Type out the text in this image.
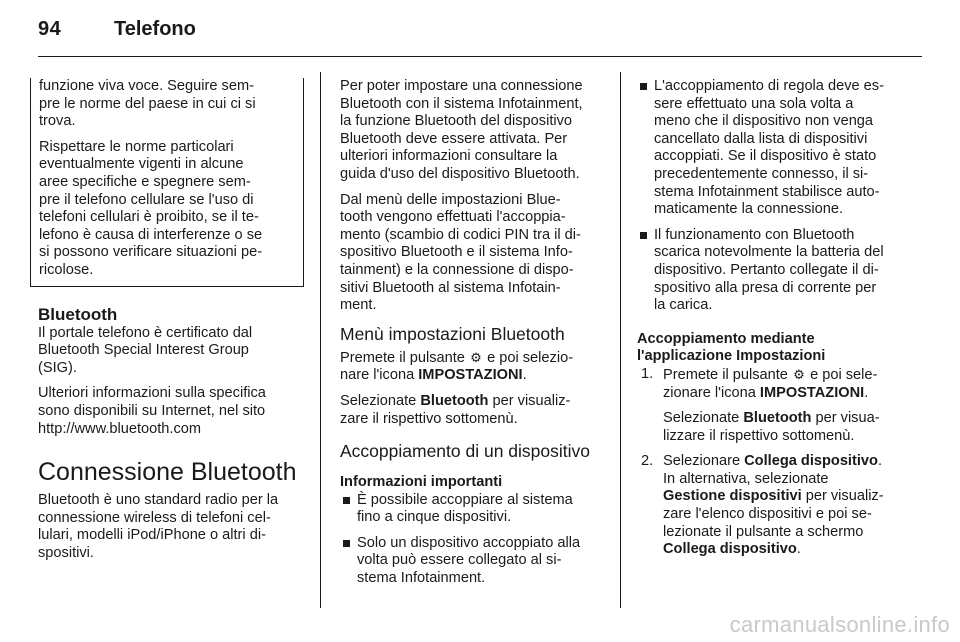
94	Telefono

funzione viva voce. Seguire sem-
pre le norme del paese in cui ci si
trova.

Rispettare le norme particolari
eventualmente vigenti in alcune
aree specifiche e spegnere sem-
pre il telefono cellulare se l'uso di
telefoni cellulari è proibito, se il te-
lefono è causa di interferenze o se
si possono verificare situazioni pe-
ricolose.

Bluetooth

Il portale telefono è certificato dal
Bluetooth Special Interest Group
(SIG).

Ulteriori informazioni sulla specifica
sono disponibili su Internet, nel sito
http://www.bluetooth.com

Connessione Bluetooth

Bluetooth è uno standard radio per la
connessione wireless di telefoni cel-
lulari, modelli iPod/iPhone o altri di-
spositivi.

Per poter impostare una connessione
Bluetooth con il sistema Infotainment,
la funzione Bluetooth del dispositivo
Bluetooth deve essere attivata. Per
ulteriori informazioni consultare la
guida d'uso del dispositivo Bluetooth.

Dal menù delle impostazioni Blue-
tooth vengono effettuati l'accoppia-
mento (scambio di codici PIN tra il di-
spositivo Bluetooth e il sistema Info-
tainment) e la connessione di dispo-
sitivi Bluetooth al sistema Infotain-
ment.

Menù impostazioni Bluetooth

Premete il pulsante ⚙ e poi selezio-
nare l'icona IMPOSTAZIONI.

Selezionate Bluetooth per visualiz-
zare il rispettivo sottomenù.

Accoppiamento di un dispositivo
Informazioni importanti
È possibile accoppiare al sistema
fino a cinque dispositivi.
Solo un dispositivo accoppiato alla
volta può essere collegato al si-
stema Infotainment.
L'accoppiamento di regola deve es-
sere effettuato una sola volta a
meno che il dispositivo non venga
cancellato dalla lista di dispositivi
accoppiati. Se il dispositivo è stato
precedentemente connesso, il si-
stema Infotainment stabilisce auto-
maticamente la connessione.
Il funzionamento con Bluetooth
scarica notevolmente la batteria del
dispositivo. Pertanto collegate il di-
spositivo alla presa di corrente per
la carica.
Accoppiamento mediante
l'applicazione Impostazioni
1. Premete il pulsante ⚙ e poi sele-
zionare l'icona IMPOSTAZIONI.
Selezionate Bluetooth per visua-
lizzare il rispettivo sottomenù.
2. Selezionare Collega dispositivo.
In alternativa, selezionate
Gestione dispositivi per visualiz-
zare l'elenco dispositivi e poi se-
lezionate il pulsante a schermo
Collega dispositivo.
carmanualsonline.info
